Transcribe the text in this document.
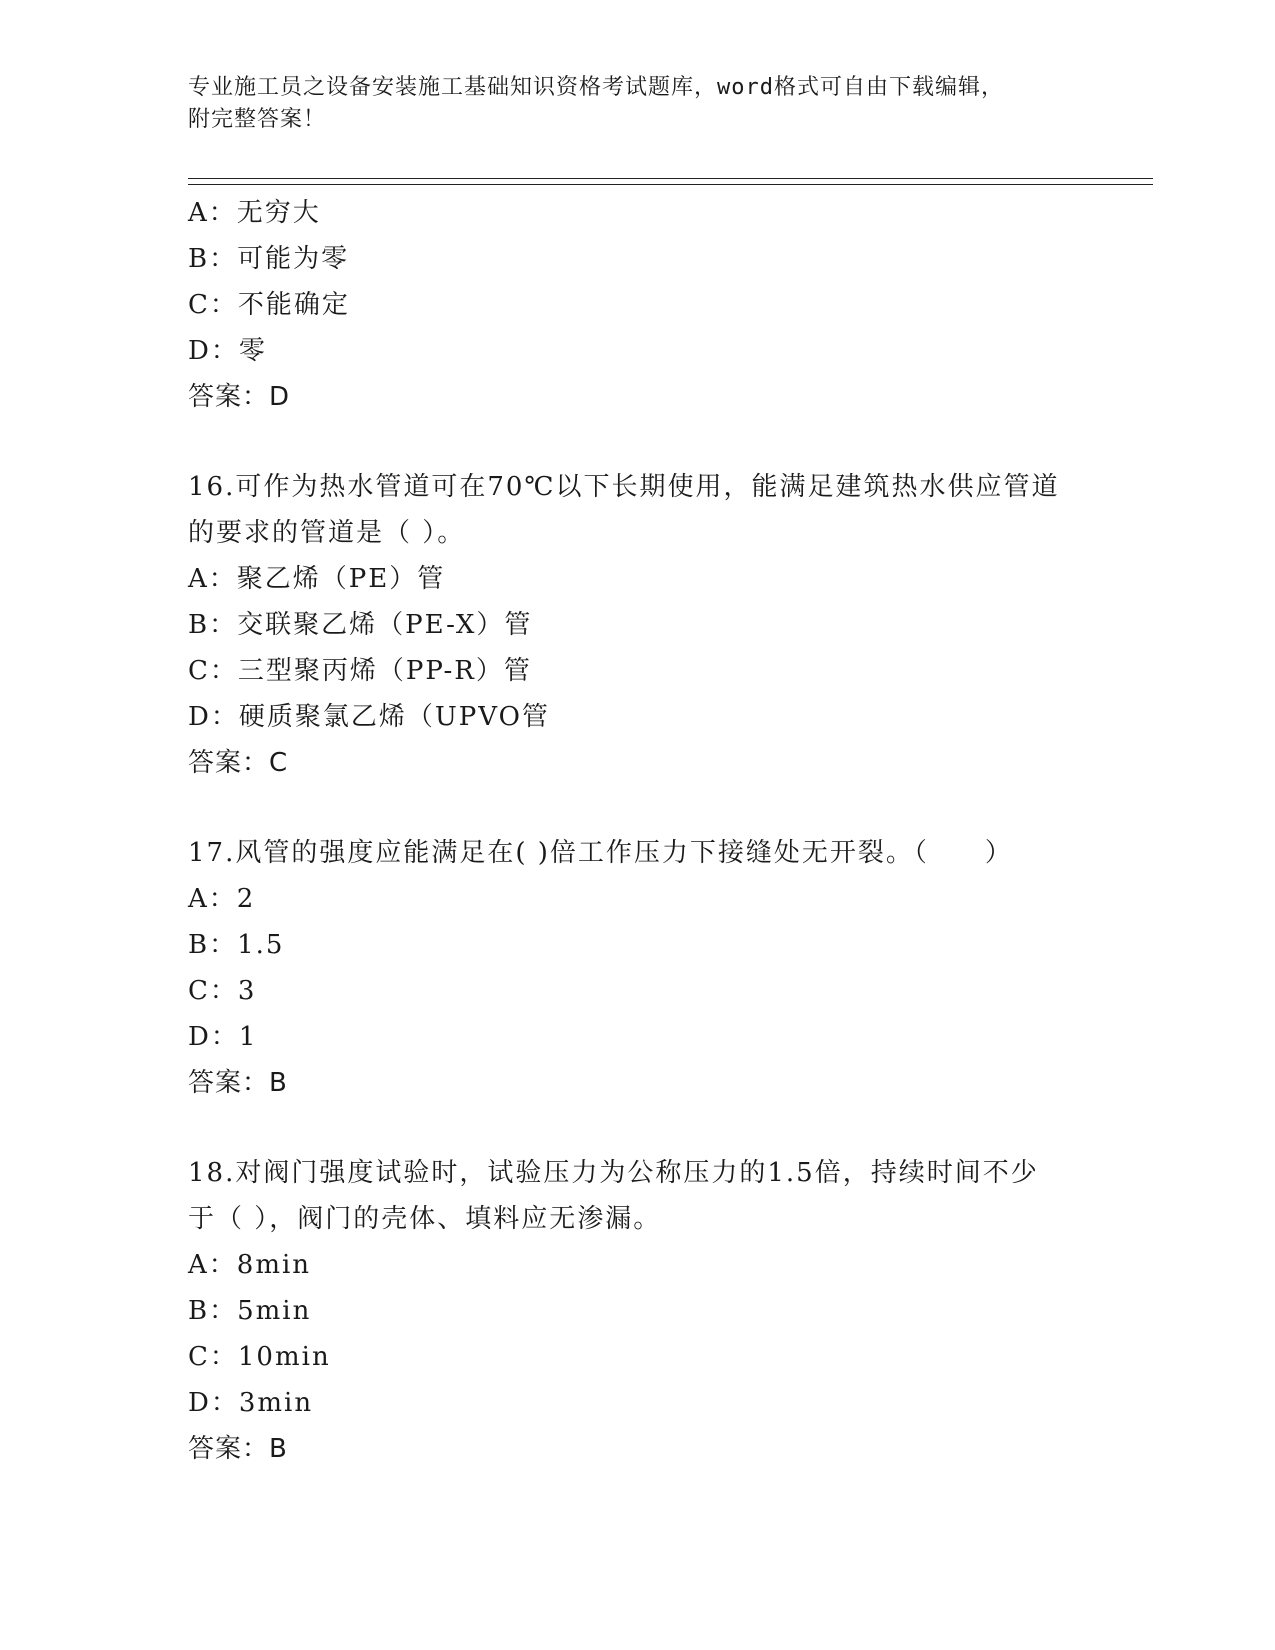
专业施工员之设备安装施工基础知识资格考试题库，word格式可自由下载编辑，
附完整答案！
A：无穷大
B：可能为零
C：不能确定
D：零
答案：D
16.可作为热水管道可在70℃以下长期使用，能满足建筑热水供应管道
的要求的管道是（ ）。
A：聚乙烯（PE）管
B：交联聚乙烯（PE-X）管
C：三型聚丙烯（PP-R）管
D：硬质聚氯乙烯（UPVO管
答案：C
17.风管的强度应能满足在( )倍工作压力下接缝处无开裂。（　　）
A：2
B：1.5
C：3
D：1
答案：B
18.对阀门强度试验时，试验压力为公称压力的1.5倍，持续时间不少
于（ ），阀门的壳体、填料应无渗漏。
A：8min
B：5min
C：10min
D：3min
答案：B
